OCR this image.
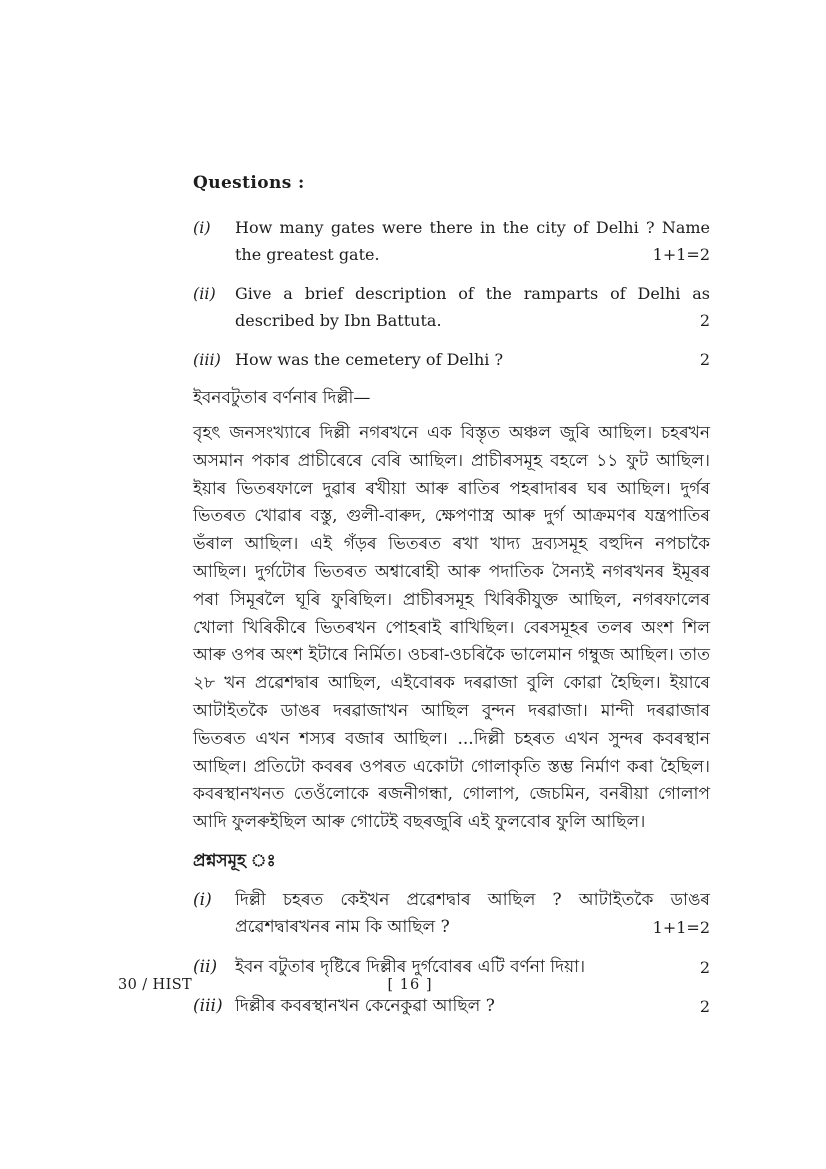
Questions :
(i)	How many gates were there in the city of Delhi ? Name the greatest gate.	1+1=2
(ii)	Give a brief description of the ramparts of Delhi as described by Ibn Battuta.	2
(iii) How was the cemetery of Delhi ?	2
ইবনবটুতাৰ বৰ্ণনাৰ দিল্লী—
বৃহৎ জনসংখ্যাৰে দিল্লী নগৰখনে এক বিস্তৃত অঞ্চল জুৰি আছিল। চহৰখন অসমান পকাৰ প্ৰাচীৰেৰে বেৰি আছিল। প্ৰাচীৰসমূহ বহলে ১১ ফুট আছিল। ইয়াৰ ভিতৰফালে দুৱাৰ ৰখীয়া আৰু ৰাতিৰ পহৰাদাৰৰ ঘৰ আছিল। দুৰ্গৰ ভিতৰত খোৱাৰ বস্তু, গুলী-বাৰুদ, ক্ষেপণাস্ত্ৰ আৰু দুৰ্গ আক্ৰমণৰ যন্ত্ৰপাতিৰ ভঁৰাল আছিল। এই গঁড়ৰ ভিতৰত ৰখা খাদ্য দ্ৰব্যসমূহ বহুদিন নপচাকৈ আছিল। দুৰ্গটোৰ ভিতৰত অশ্বাৰোহী আৰু পদাতিক সৈন্যই নগৰখনৰ ইমূৰৰ পৰা সিমূৰলৈ ঘূৰি ফুৰিছিল। প্ৰাচীৰসমূহ খিৰিকীযুক্ত আছিল, নগৰফালেৰ খোলা খিৰিকীৰে ভিতৰখন পোহৰাই ৰাখিছিল। বেৰসমূহৰ তলৰ অংশ শিল আৰু ওপৰ অংশ ইটাৰে নিৰ্মিত। ওচৰা-ওচৰিকৈ ভালেমান গম্বুজ আছিল। তাত ২৮ খন প্ৰৱেশদ্বাৰ আছিল, এইবোৰক দৰৱাজা বুলি কোৱা হৈছিল। ইয়াৰে আটাইতকৈ ডাঙৰ দৰৱাজাখন আছিল বুন্দন দৰৱাজা। মান্দী দৰৱাজাৰ ভিতৰত এখন শস্যৰ বজাৰ আছিল। ...দিল্লী চহৰত এখন সুন্দৰ কবৰস্থান আছিল। প্ৰতিটো কবৰৰ ওপৰত একোটা গোলাকৃতি স্তম্ভ নিৰ্মাণ কৰা হৈছিল। কবৰস্থানখনত তেওঁলোকে ৰজনীগন্ধা, গোলাপ, জেচমিন, বনৰীয়া গোলাপ আদি ফুলৰুইছিল আৰু গোটেই বছৰজুৰি এই ফুলবোৰ ফুলি আছিল।
প্ৰশ্নসমূহ ঃ
(i)	দিল্লী চহৰত কেইখন প্ৰৱেশদ্বাৰ আছিল ? আটাইতকৈ ডাঙৰ প্ৰৱেশদ্বাৰখনৰ নাম কি আছিল ?	1+1=2
(ii)	ইবন বটুতাৰ দৃষ্টিৰে দিল্লীৰ দুৰ্গবোৰৰ এটি বৰ্ণনা দিয়া।	2
(iii) দিল্লীৰ কবৰস্থানখন কেনেকুৱা আছিল ?	2
30 / HIST	[ 16 ]
